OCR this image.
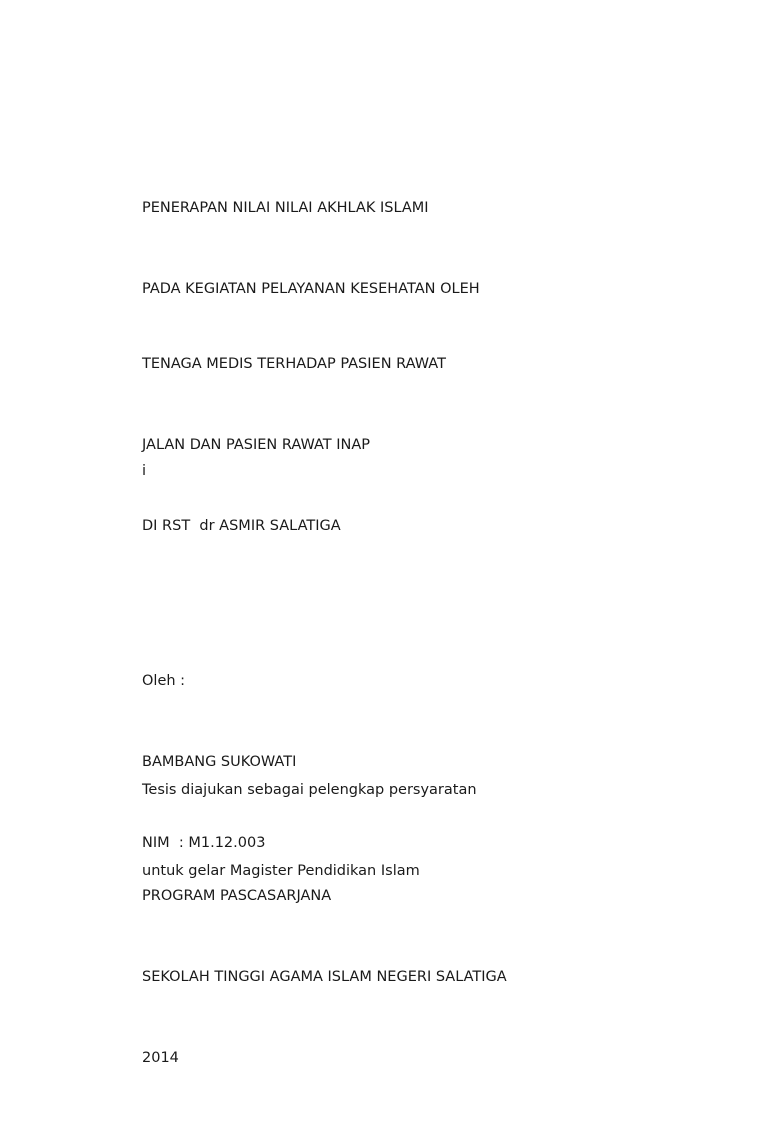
PENERAPAN NILAI NILAI AKHLAK ISLAMI

PADA KEGIATAN PELAYANAN KESEHATAN OLEH

TENAGA MEDIS TERHADAP PASIEN RAWAT

JALAN DAN PASIEN RAWAT INAP

DI RST  dr ASMIR SALATIGA

i

Oleh :

BAMBANG SUKOWATI

NIM  : M1.12.003

Tesis diajukan sebagai pelengkap persyaratan

untuk gelar Magister Pendidikan Islam

PROGRAM PASCASARJANA

SEKOLAH TINGGI AGAMA ISLAM NEGERI SALATIGA

2014
